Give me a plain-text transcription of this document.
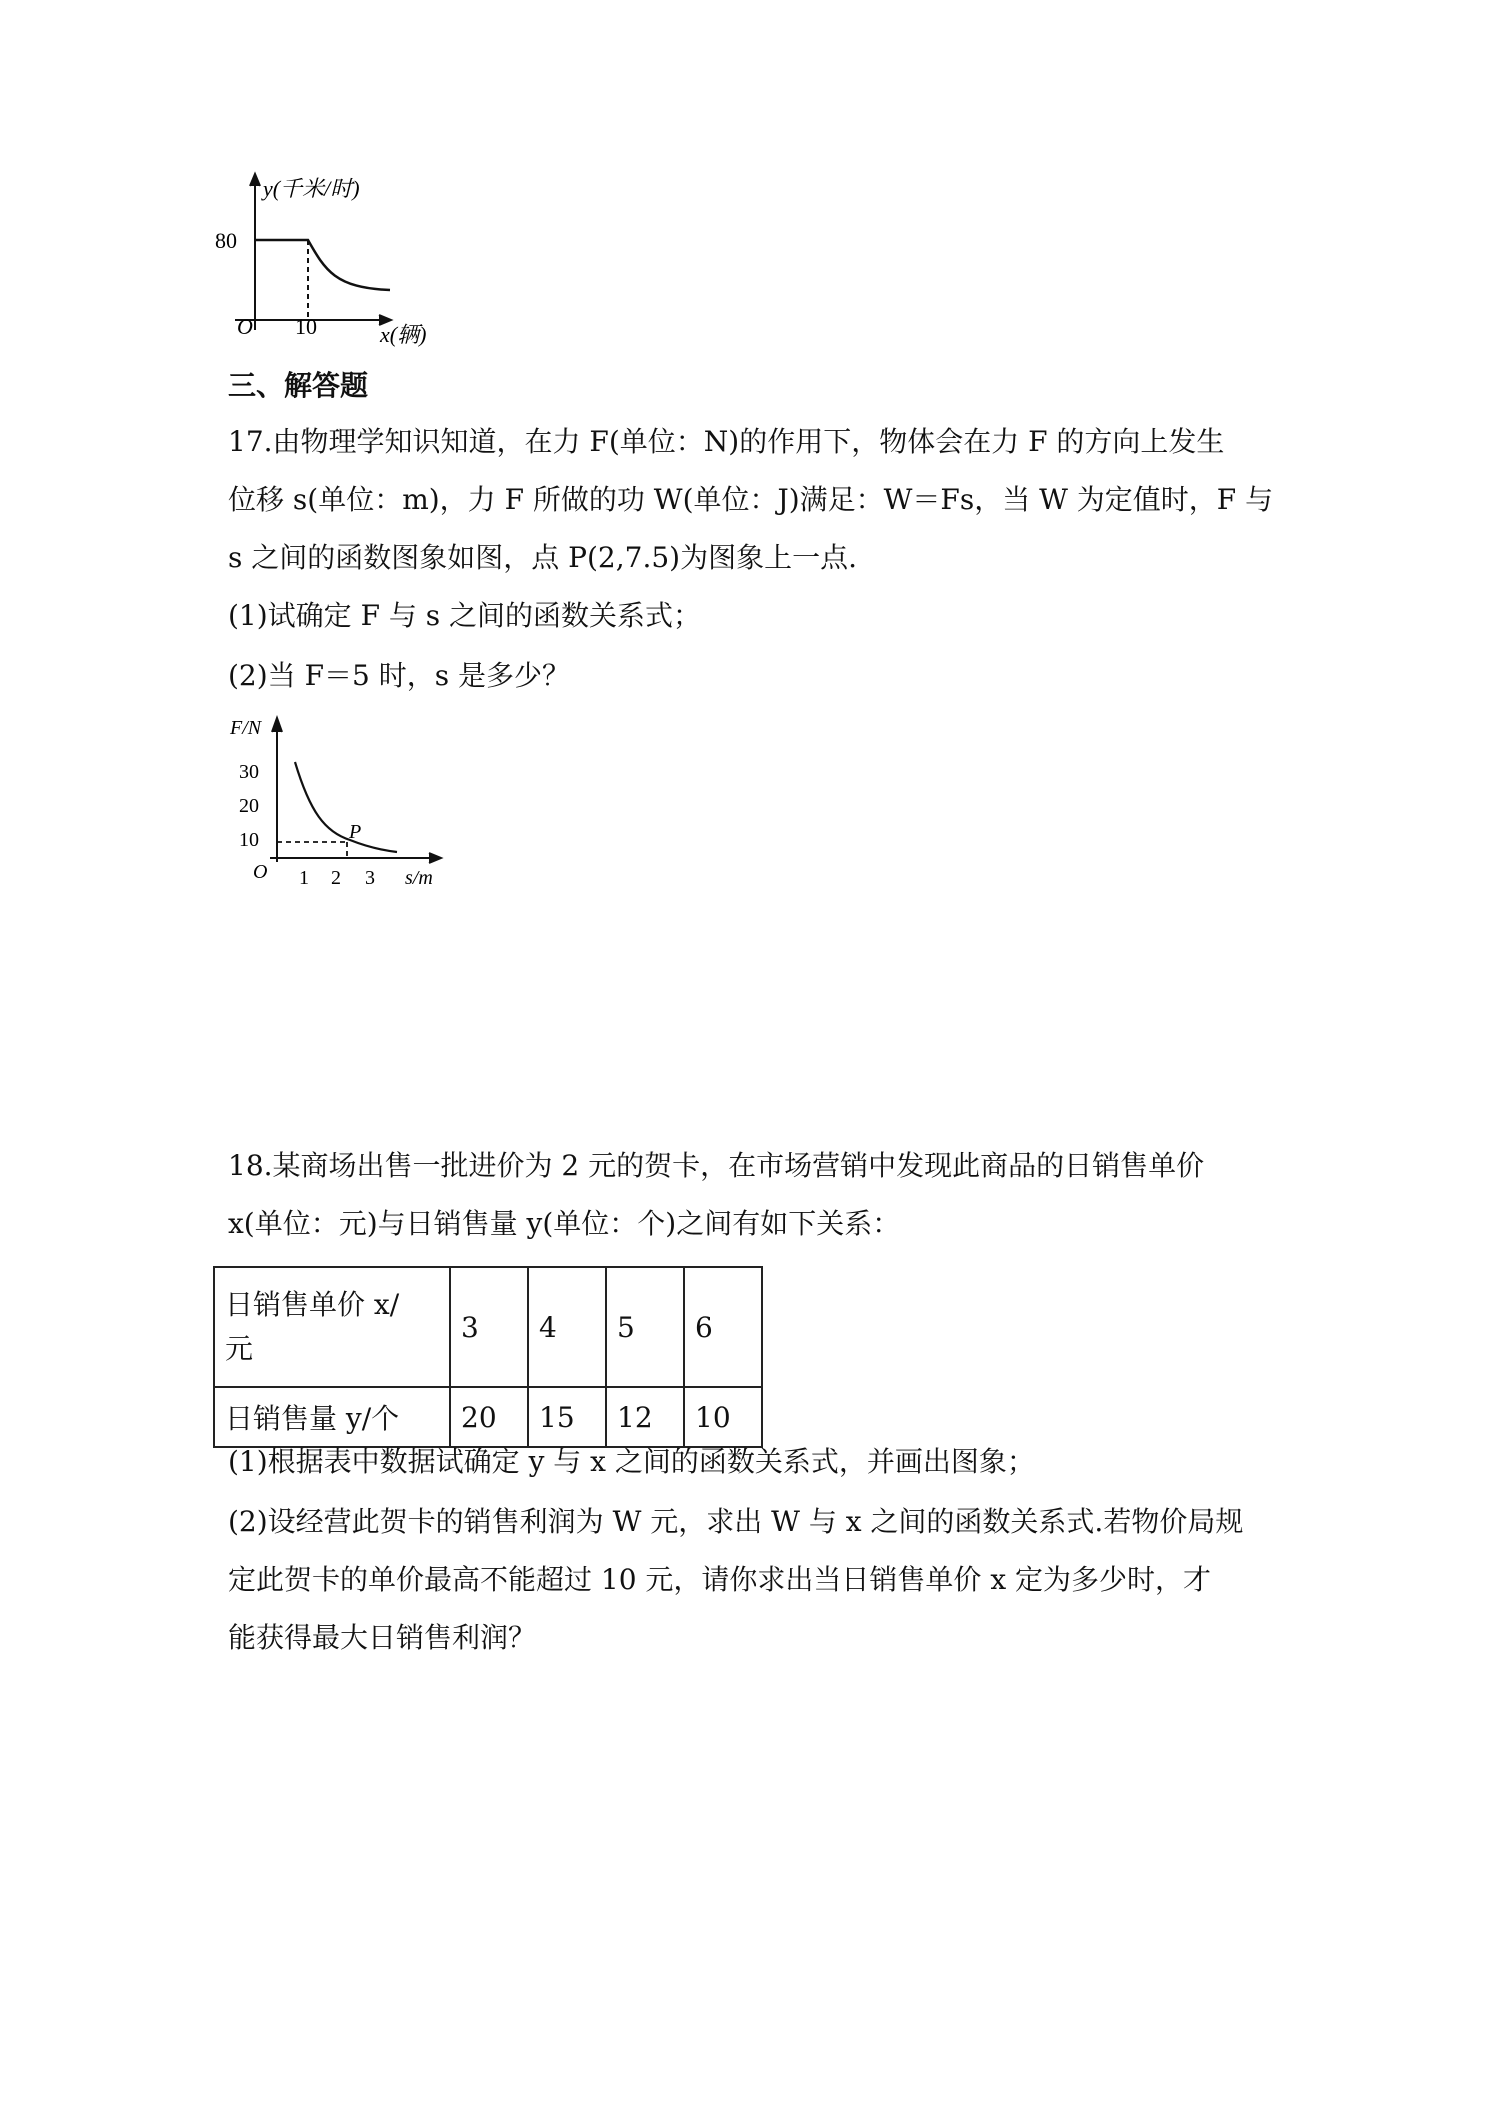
y(千米/时)
80
O 10	x(辆)
三、解答题
17.由物理学知识知道，在力 F(单位：N)的作用下，物体会在力 F 的方向上发生
位移 s(单位：m)，力 F 所做的功 W(单位：J)满足：W＝Fs，当 W 为定值时，F 与
s 之间的函数图象如图，点 P(2,7.5)为图象上一点.
(1)试确定 F 与 s 之间的函数关系式；
(2)当 F＝5 时，s 是多少？
F/N
30
20
10
O 1 2 3 s/m
P
18.某商场出售一批进价为 2 元的贺卡，在市场营销中发现此商品的日销售单价
x(单位：元)与日销售量 y(单位：个)之间有如下关系：
日销售单价 x/
元	3	4	5	6
日销售量 y/个	20	15	12	10
(1)根据表中数据试确定 y 与 x 之间的函数关系式，并画出图象；
(2)设经营此贺卡的销售利润为 W 元，求出 W 与 x 之间的函数关系式.若物价局规
定此贺卡的单价最高不能超过 10 元，请你求出当日销售单价 x 定为多少时，才
能获得最大日销售利润？
